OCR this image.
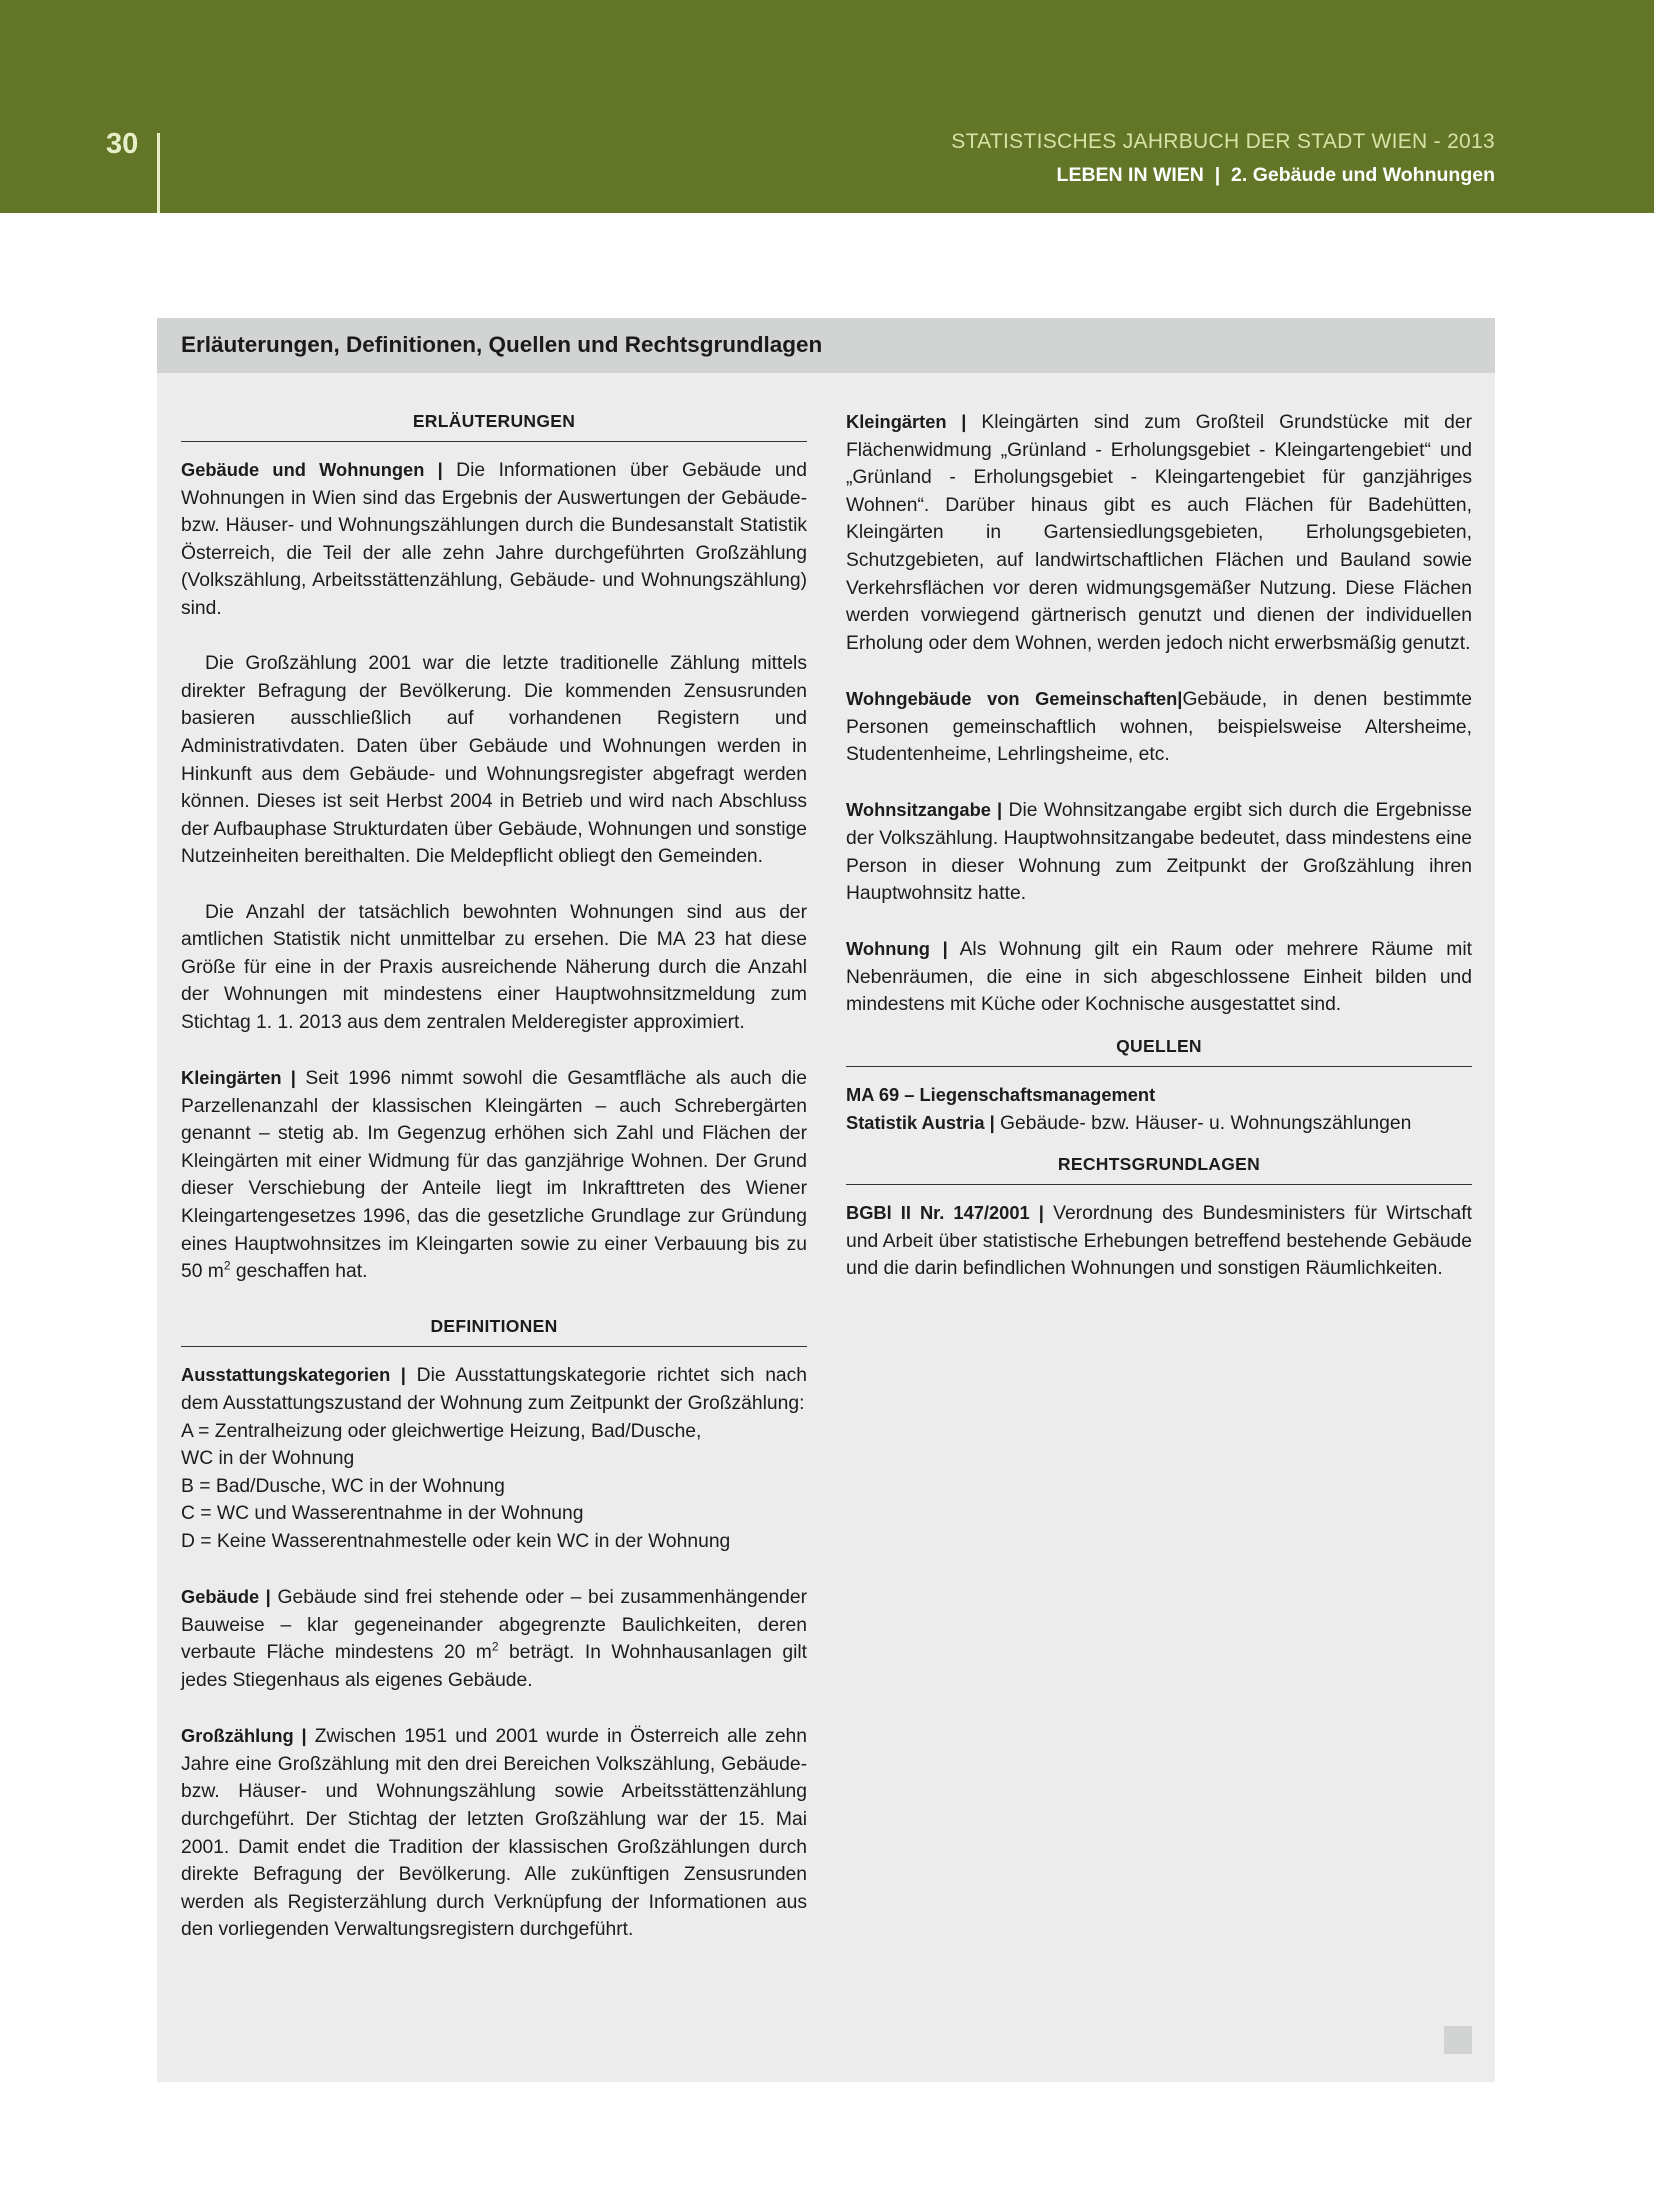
30	STATISTISCHES JAHRBUCH DER STADT WIEN - 2013
LEBEN IN WIEN | 2. Gebäude und Wohnungen
Erläuterungen, Definitionen, Quellen und Rechtsgrundlagen
ERLÄUTERUNGEN

Gebäude und Wohnungen | Die Informationen über Gebäude und Wohnungen in Wien sind das Ergebnis der Auswertungen der Gebäude- bzw. Häuser- und Wohnungszählungen durch die Bundesanstalt Statistik Österreich, die Teil der alle zehn Jahre durchgeführten Großzählung (Volkszählung, Arbeitsstättenzählung, Gebäude- und Wohnungszählung) sind.

Die Großzählung 2001 war die letzte traditionelle Zählung mittels direkter Befragung der Bevölkerung. Die kommenden Zensusrunden basieren ausschließlich auf vorhandenen Registern und Administrativdaten. Daten über Gebäude und Wohnungen werden in Hinkunft aus dem Gebäude- und Wohnungsregister abgefragt werden können. Dieses ist seit Herbst 2004 in Betrieb und wird nach Abschluss der Aufbauphase Strukturdaten über Gebäude, Wohnungen und sonstige Nutzeinheiten bereithalten. Die Meldepflicht obliegt den Gemeinden.

Die Anzahl der tatsächlich bewohnten Wohnungen sind aus der amtlichen Statistik nicht unmittelbar zu ersehen. Die MA 23 hat diese Größe für eine in der Praxis ausreichende Näherung durch die Anzahl der Wohnungen mit mindestens einer Hauptwohnsitzmeldung zum Stichtag 1. 1. 2013 aus dem zentralen Melderegister approximiert.

Kleingärten | Seit 1996 nimmt sowohl die Gesamtfläche als auch die Parzellenanzahl der klassischen Kleingärten – auch Schrebergärten genannt – stetig ab. Im Gegenzug erhöhen sich Zahl und Flächen der Kleingärten mit einer Widmung für das ganzjährige Wohnen. Der Grund dieser Verschiebung der Anteile liegt im Inkrafttreten des Wiener Kleingartengesetzes 1996, das die gesetzliche Grundlage zur Gründung eines Hauptwohnsitzes im Kleingarten sowie zu einer Verbauung bis zu 50 $m^2$ geschaffen hat.

DEFINITIONEN

Ausstattungskategorien | Die Ausstattungskategorie richtet sich nach dem Ausstattungszustand der Wohnung zum Zeitpunkt der Großzählung:

A = Zentralheizung oder gleichwertige Heizung, Bad/Dusche,
WC in der Wohnung
B = Bad/Dusche, WC in der Wohnung
C = WC und Wasserentnahme in der Wohnung
D = Keine Wasserentnahmestelle oder kein WC in der Wohnung

Gebäude | Gebäude sind frei stehende oder – bei zusammenhängender Bauweise – klar gegeneinander abgegrenzte Baulichkeiten, deren verbaute Fläche mindestens 20 $m^2$ beträgt. In Wohnhausanlagen gilt jedes Stiegenhaus als eigenes Gebäude.

Großzählung | Zwischen 1951 und 2001 wurde in Österreich alle zehn Jahre eine Großzählung mit den drei Bereichen Volkszählung, Gebäude- bzw. Häuser- und Wohnungszählung sowie Arbeitsstättenzählung durchgeführt. Der Stichtag der letzten Großzählung war der 15. Mai 2001. Damit endet die Tradition der klassischen Großzählungen durch direkte Befragung der Bevölkerung. Alle zukünftigen Zensusrunden werden als Registerzählung durch Verknüpfung der Informationen aus den vorliegenden Verwaltungsregistern durchgeführt.

Kleingärten | Kleingärten sind zum Großteil Grundstücke mit der Flächenwidmung „Grünland - Erholungsgebiet - Kleingartengebiet“ und „Grünland - Erholungsgebiet - Kleingartengebiet für ganzjähriges Wohnen“. Darüber hinaus gibt es auch Flächen für Badehütten, Kleingärten in Gartensiedlungsgebieten, Erholungsgebieten, Schutzgebieten, auf landwirtschaftlichen Flächen und Bauland sowie Verkehrsflächen vor deren widmungsgemäßer Nutzung. Diese Flächen werden vorwiegend gärtnerisch genutzt und dienen der individuellen Erholung oder dem Wohnen, werden jedoch nicht erwerbsmäßig genutzt.

Wohngebäude von Gemeinschaften|Gebäude, in denen bestimmte Personen gemeinschaftlich wohnen, beispielsweise Altersheime, Studentenheime, Lehrlingsheime, etc.

Wohnsitzangabe | Die Wohnsitzangabe ergibt sich durch die Ergebnisse der Volkszählung. Hauptwohnsitzangabe bedeutet, dass mindestens eine Person in dieser Wohnung zum Zeitpunkt der Großzählung ihren Hauptwohnsitz hatte.

Wohnung | Als Wohnung gilt ein Raum oder mehrere Räume mit Nebenräumen, die eine in sich abgeschlossene Einheit bilden und mindestens mit Küche oder Kochnische ausgestattet sind.

QUELLEN
MA 69 – Liegenschaftsmanagement
Statistik Austria | Gebäude- bzw. Häuser- u. Wohnungszählungen
RECHTSGRUNDLAGEN

BGBl II Nr. 147/2001 | Verordnung des Bundesministers für Wirtschaft und Arbeit über statistische Erhebungen betreffend bestehende Gebäude und die darin befindlichen Wohnungen und sonstigen Räumlichkeiten.
